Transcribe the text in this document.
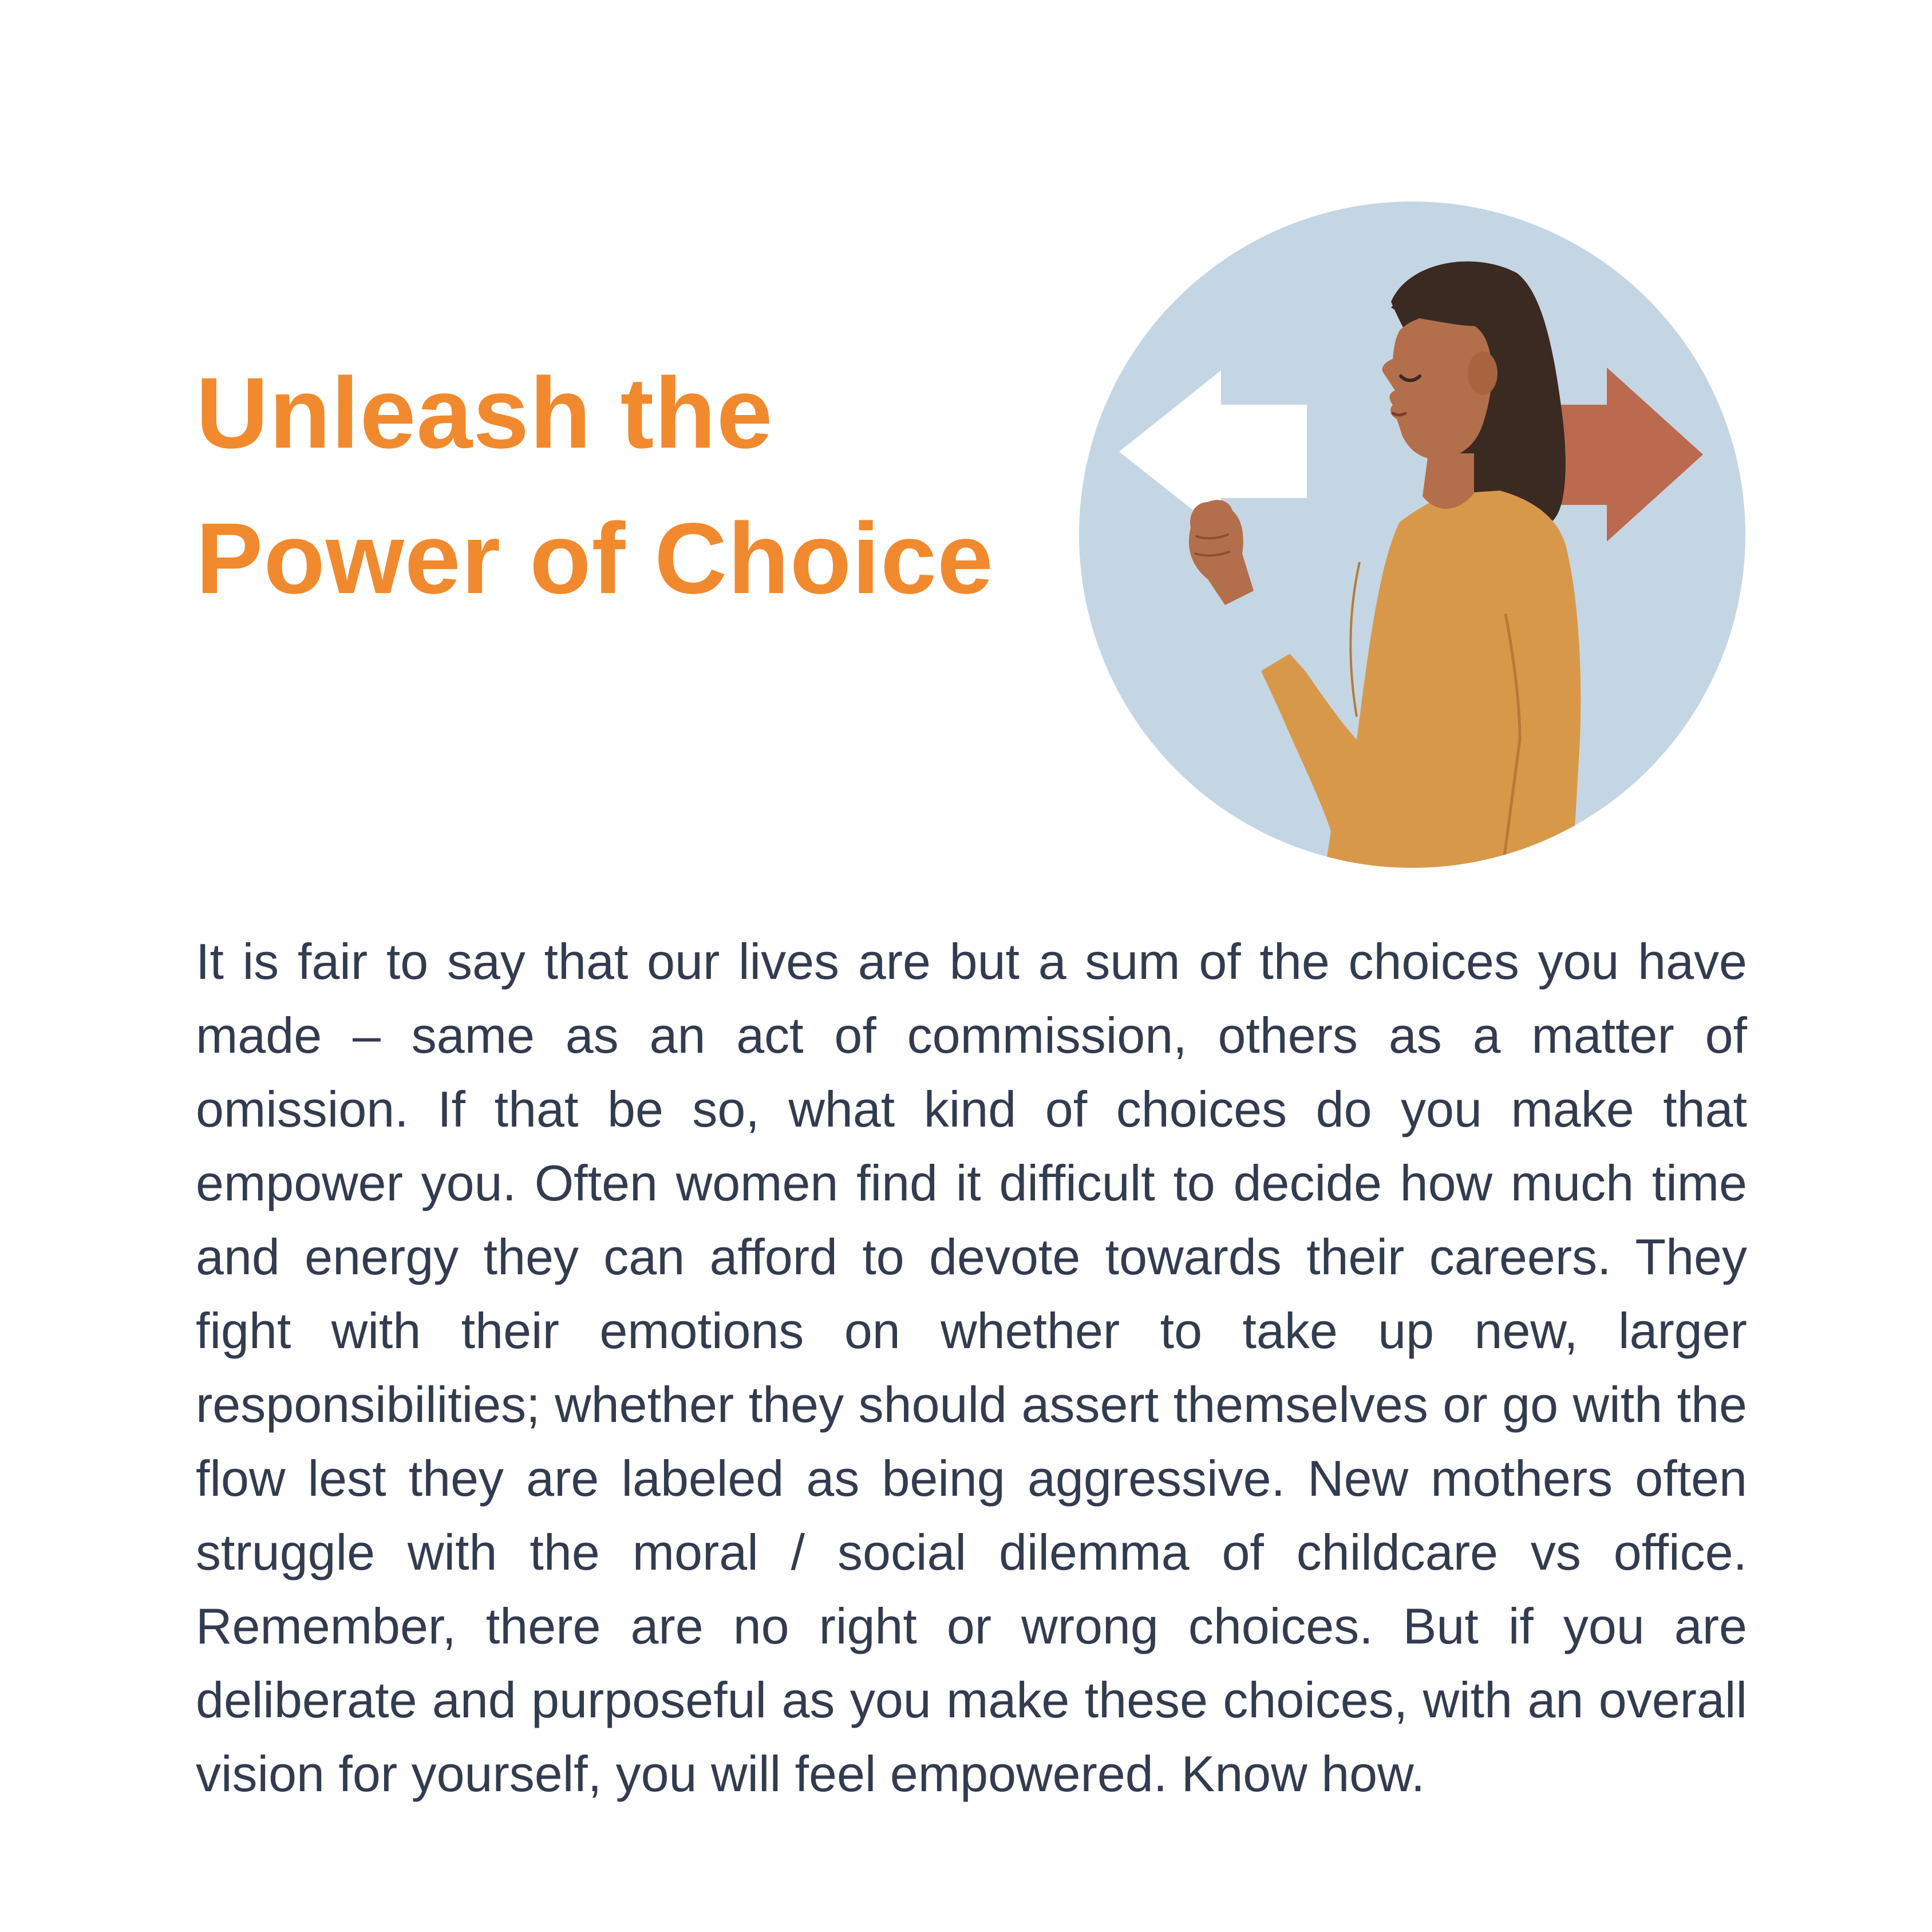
Unleash the
Power of Choice

It is fair to say that our lives are but a sum of the choices you have made – same as an act of commission, others as a matter of omission. If that be so, what kind of choices do you make that empower you. Often women find it difficult to decide how much time and energy they can afford to devote towards their careers. They fight with their emotions on whether to take up new, larger responsibilities; whether they should assert themselves or go with the flow lest they are labeled as being aggressive. New mothers often struggle with the moral / social dilemma of childcare vs office. Remember, there are no right or wrong choices. But if you are deliberate and purposeful as you make these choices, with an overall vision for yourself, you will feel empowered. Know how.
